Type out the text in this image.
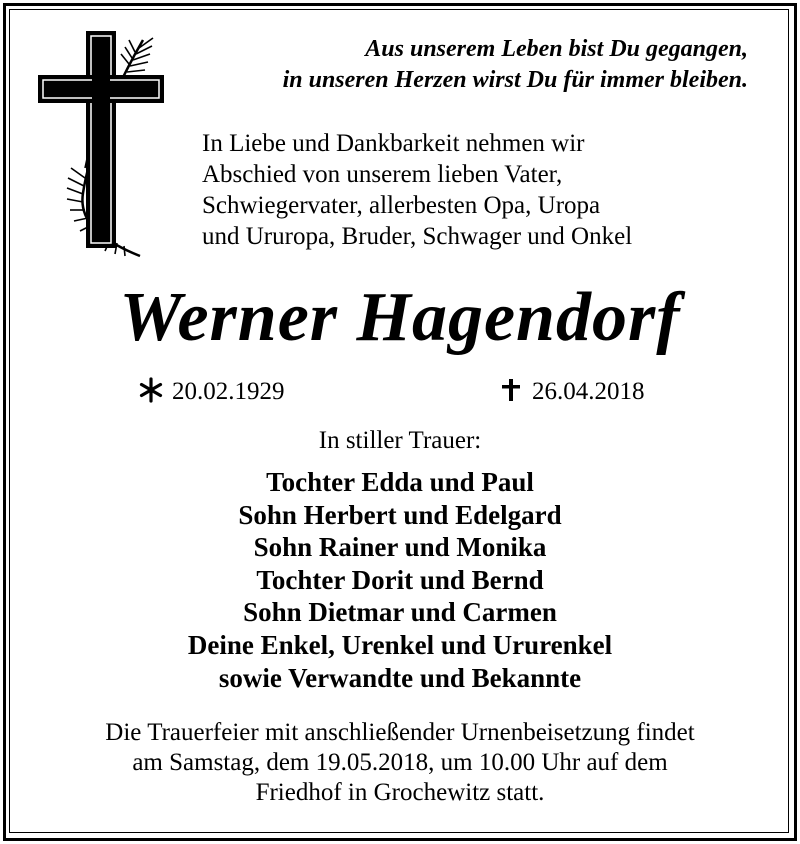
Aus unserem Leben bist Du gegangen,
in unseren Herzen wirst Du für immer bleiben.
In Liebe und Dankbarkeit nehmen wir
Abschied von unserem lieben Vater,
Schwiegervater, allerbesten Opa, Uropa
und Ururopa, Bruder, Schwager und Onkel
Werner Hagendorf
20.02.1929	26.04.2018
In stiller Trauer:
Tochter Edda und Paul
Sohn Herbert und Edelgard
Sohn Rainer und Monika
Tochter Dorit und Bernd
Sohn Dietmar und Carmen
Deine Enkel, Urenkel und Ururenkel
sowie Verwandte und Bekannte
Die Trauerfeier mit anschließender Urnenbeisetzung findet
am Samstag, dem 19.05.2018, um 10.00 Uhr auf dem
Friedhof in Grochewitz statt.
